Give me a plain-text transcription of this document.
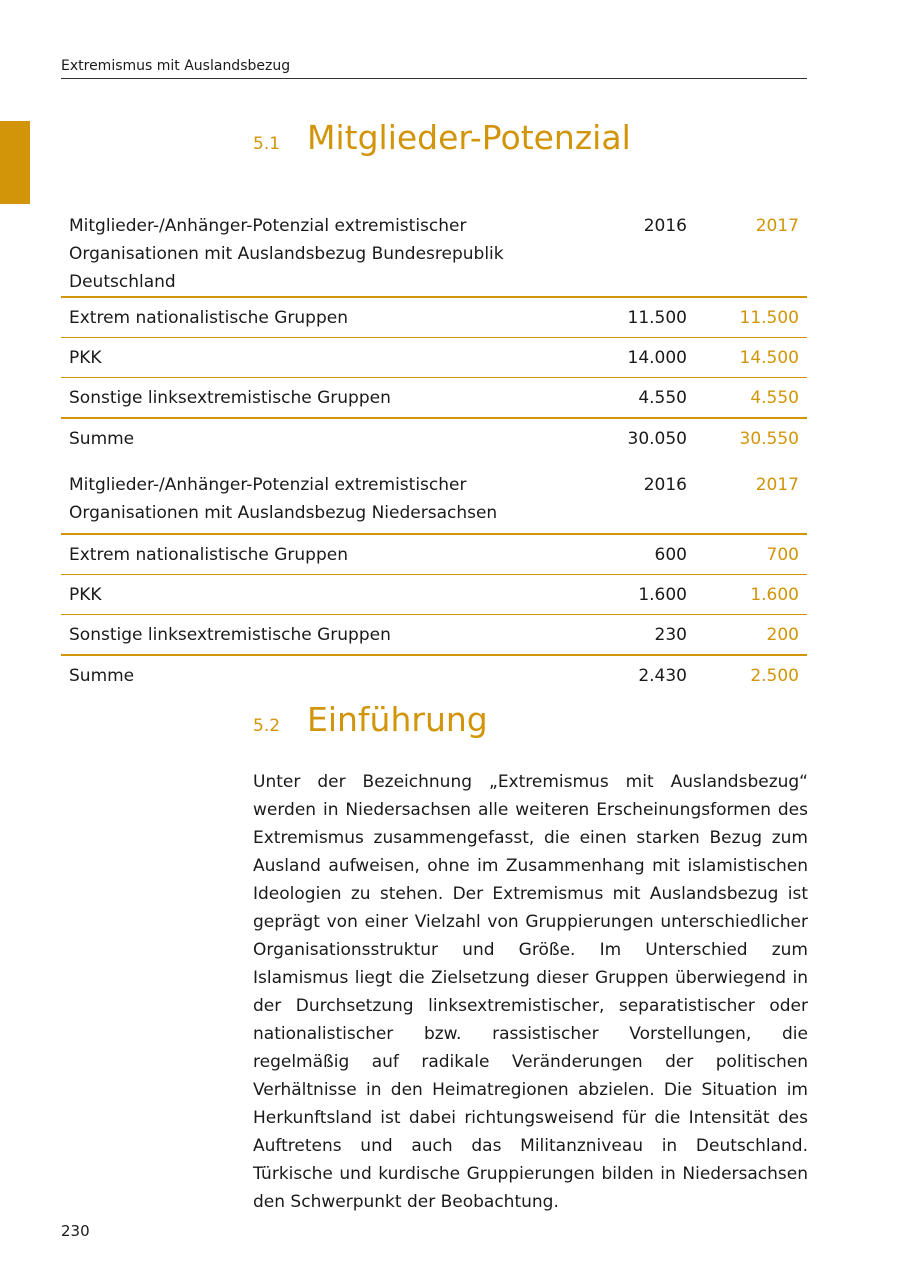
Extremismus mit Auslandsbezug
5.1 Mitglieder-Potenzial
Mitglieder-/Anhänger-Potenzial extremistischer Organisationen mit Auslandsbezug Bundesrepublik Deutschland	2016	2017
Extrem nationalistische Gruppen	11.500	11.500
PKK	14.000	14.500
Sonstige linksextremistische Gruppen	4.550	4.550
Summe	30.050	30.550
Mitglieder-/Anhänger-Potenzial extremistischer Organisationen mit Auslandsbezug Niedersachsen	2016	2017
Extrem nationalistische Gruppen	600	700
PKK	1.600	1.600
Sonstige linksextremistische Gruppen	230	200
Summe	2.430	2.500
5.2 Einführung

Unter der Bezeichnung „Extremismus mit Auslandsbezug“ werden in Niedersachsen alle weiteren Erscheinungsformen des Extremismus zusammengefasst, die einen starken Bezug zum Ausland aufweisen, ohne im Zusammenhang mit islamistischen Ideologien zu stehen. Der Extremismus mit Auslandsbezug ist geprägt von einer Vielzahl von Gruppierungen unterschiedlicher Organisationsstruktur und Größe. Im Unterschied zum Islamismus liegt die Zielsetzung dieser Gruppen überwiegend in der Durchsetzung linksextremistischer, separatistischer oder nationalistischer bzw. rassistischer Vorstellungen, die regelmäßig auf radikale Veränderungen der politischen Verhältnisse in den Heimatregionen abzielen. Die Situation im Herkunftsland ist dabei richtungsweisend für die Intensität des Auftretens und auch das Militanzniveau in Deutschland. Türkische und kurdische Gruppierungen bilden in Niedersachsen den Schwerpunkt der Beobachtung.

230
